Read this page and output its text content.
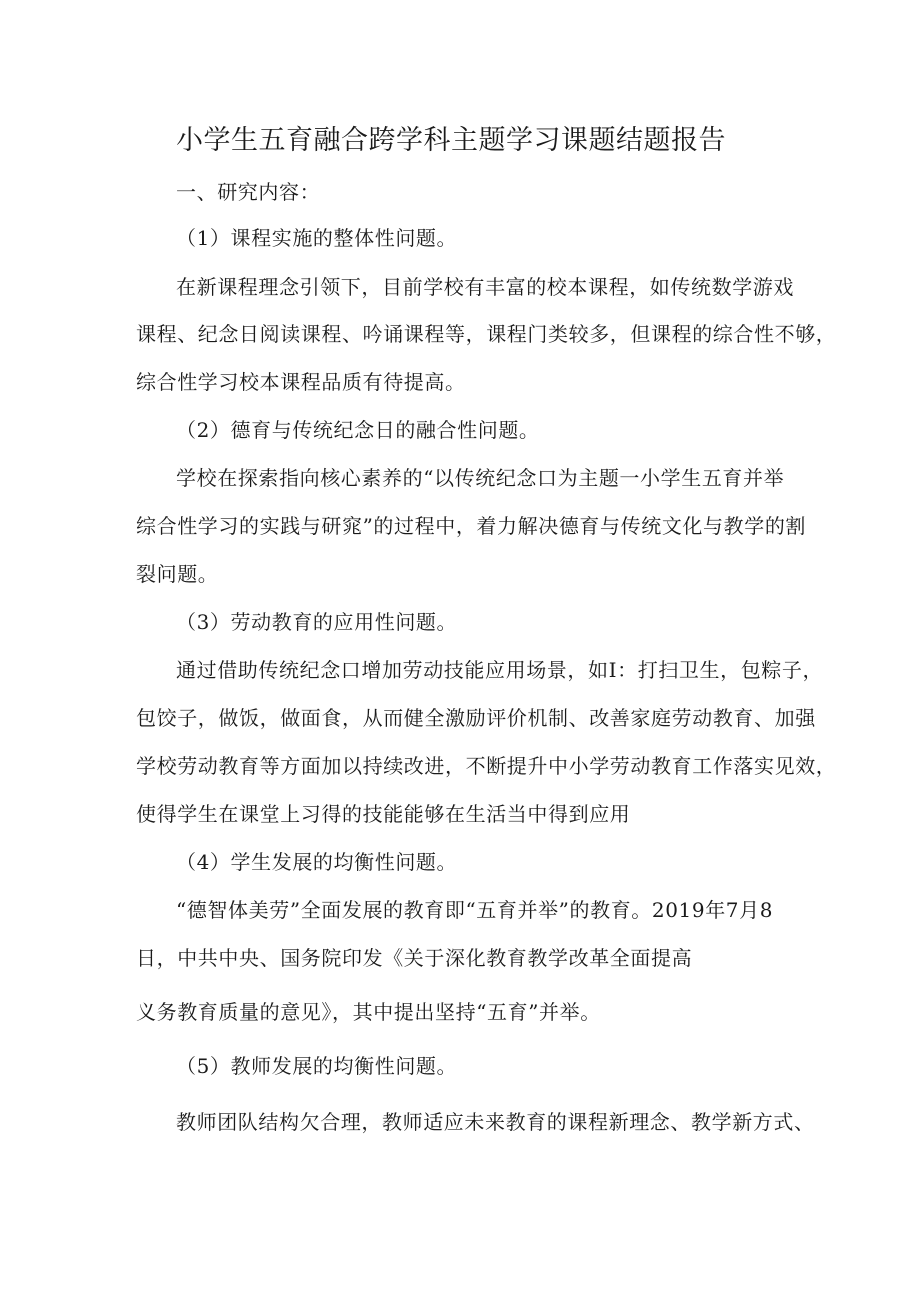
小学生五育融合跨学科主题学习课题结题报告
一、研究内容：
（1）课程实施的整体性问题。
在新课程理念引领下，目前学校有丰富的校本课程，如传统数学游戏
课程、纪念日阅读课程、吟诵课程等，课程门类较多，但课程的综合性不够，
综合性学习校本课程品质有待提高。
（2）德育与传统纪念日的融合性问题。
学校在探索指向核心素养的“以传统纪念口为主题一小学生五育并举
综合性学习的实践与研窕”的过程中，着力解决德育与传统文化与教学的割
裂问题。
（3）劳动教育的应用性问题。
通过借助传统纪念口增加劳动技能应用场景，如I：打扫卫生，包粽子，
包饺子，做饭，做面食，从而健全激励评价机制、改善家庭劳动教育、加强
学校劳动教育等方面加以持续改进，不断提升中小学劳动教育工作落实见效，
使得学生在课堂上习得的技能能够在生活当中得到应用
（4）学生发展的均衡性问题。
“德智体美劳”全面发展的教育即“五育并举”的教育。2019年7月8
日，中共中央、国务院印发《关于深化教育教学改革全面提高
义务教育质量的意见》，其中提出坚持“五育”并举。
（5）教师发展的均衡性问题。
教师团队结构欠合理，教师适应未来教育的课程新理念、教学新方式、
